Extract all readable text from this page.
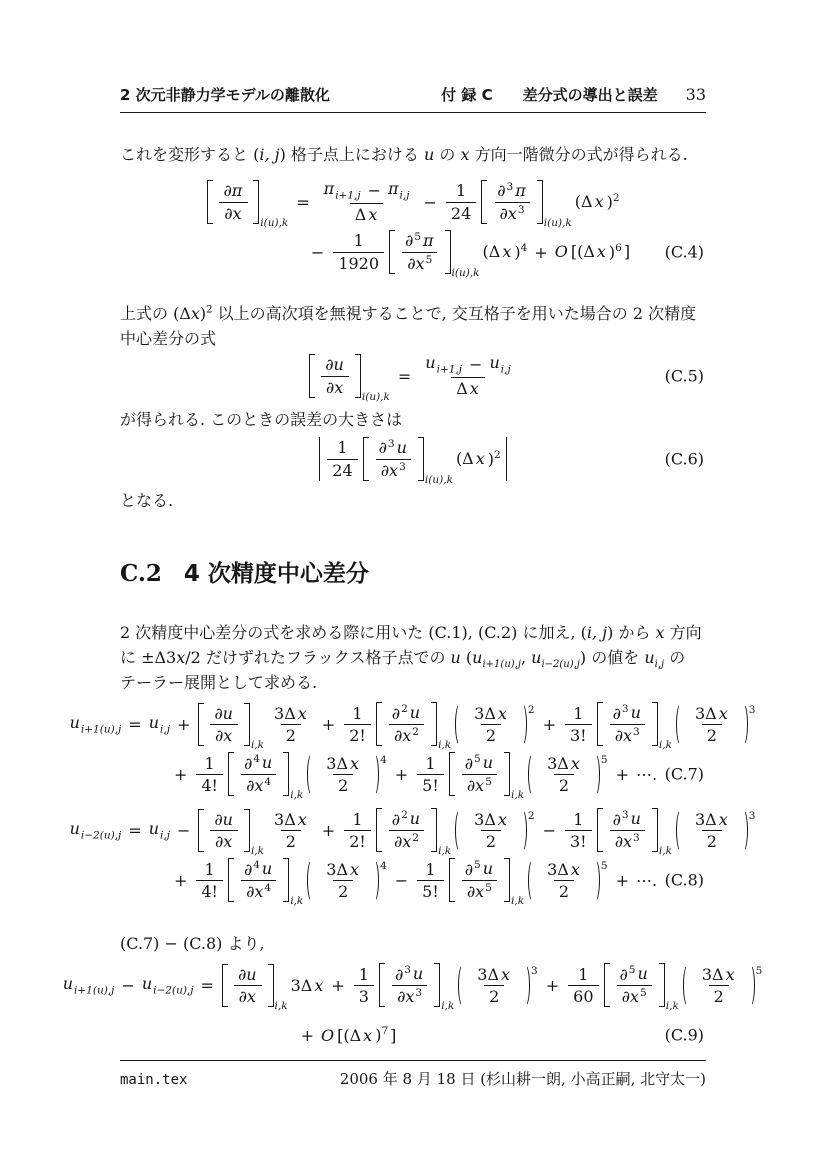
2 次元非静力学モデルの離散化	付 録 C　　差分式の導出と誤差 33

これを変形すると (i, j) 格子点上における u の x 方向一階微分の式が得られる.

$\frac{\partial\pi}{\partial x} i(u),k$
= $\frac{\pi_{i+1,j} - \pi_{i,j}}{\text{Δ x}} - \frac{1}{24} \frac{\partial^3 \pi}{\partial x^3} i(u),k$
(Δ x )$^2$
− $\frac{1}{1920} \frac{\partial^5 \pi}{\partial x^5} i(u),k$
(Δ x )$^4$ + O [(Δ x )$^6$ ] (C.4)

上式の $(\Delta x)^2$ 以上の高次項を無視することで, 交互格子を用いた場合の 2 次精度
中心差分の式

$\frac{\partial u}{\partial x} i(u),k$
= $\frac{u_{i+1,j} - u_{i,j}}{\text{Δ x}}$	(C.5)

が得られる. このときの誤差の大きさは

$\frac{1}{24} \frac{\partial^3 u}{\partial x^3} i(u),k$
(Δ x )$^2$	(C.6)

となる.

C.2 4 次精度中心差分

2 次精度中心差分の式を求める際に用いた (C.1), (C.2) に加え, (i, j) から x 方向
に ±Δ3x/2 だけずれたフラックス格子点での u ($u_{i+1(u),j}$, $u_{i-2(u),j}$) の値を $u_{i,j}$ の
テーラー展開として求める.

$u_{i+1(u),j} = u_{i,j} + \frac{\partial u}{\partial x} i,k \frac{\text{3Δ x}}{2} + \frac{1}{2!} \frac{\partial^2 u}{\partial x^2} i,k \frac{\text{3Δ x}}{2} 2$
+ $\frac{1}{3!} \frac{\partial^3 u}{\partial x^3} i,k \frac{\text{3Δ x}}{2} 3$
+ $\frac{1}{4!} \frac{\partial^4 u}{\partial x^4} i,k \frac{\text{3Δ x}}{2} 4$
+ $\frac{1}{5!} \frac{\partial^5 u}{\partial x^5} i,k \frac{\text{3Δ x}}{2} 5$
+ ⋯. (C.7)
$u_{i-2(u),j} = u_{i,j} - \frac{\partial u}{\partial x} i,k \frac{\text{3Δ x}}{2} + \frac{1}{2!} \frac{\partial^2 u}{\partial x^2} i,k \frac{\text{3Δ x}}{2} 2$
− $\frac{1}{3!} \frac{\partial^3 u}{\partial x^3} i,k \frac{\text{3Δ x}}{2} 3$
+ $\frac{1}{4!} \frac{\partial^4 u}{\partial x^4} i,k \frac{\text{3Δ x}}{2} 4$
− $\frac{1}{5!} \frac{\partial^5 u}{\partial x^5} i,k \frac{\text{3Δ x}}{2} 5$
+ ⋯. (C.8)

(C.7) − (C.8) より,

$u_{i+1(u),j} - u_{i-2(u),j} = \frac{\partial u}{\partial x} i,k$
3Δ $x + \frac{1}{3} \frac{\partial^3 u}{\partial x^3} i,k \frac{\text{3Δ x}}{2} 3$
+ $\frac{1}{60} \frac{\partial^5 u}{\partial x^5} i,k \frac{\text{3Δ x}}{2} 5$
+ O [(Δ x )$^7$ ]	(C.9)
main.tex	2006 年 8 月 18 日 (杉山耕一朗, 小高正嗣, 北守太一)
